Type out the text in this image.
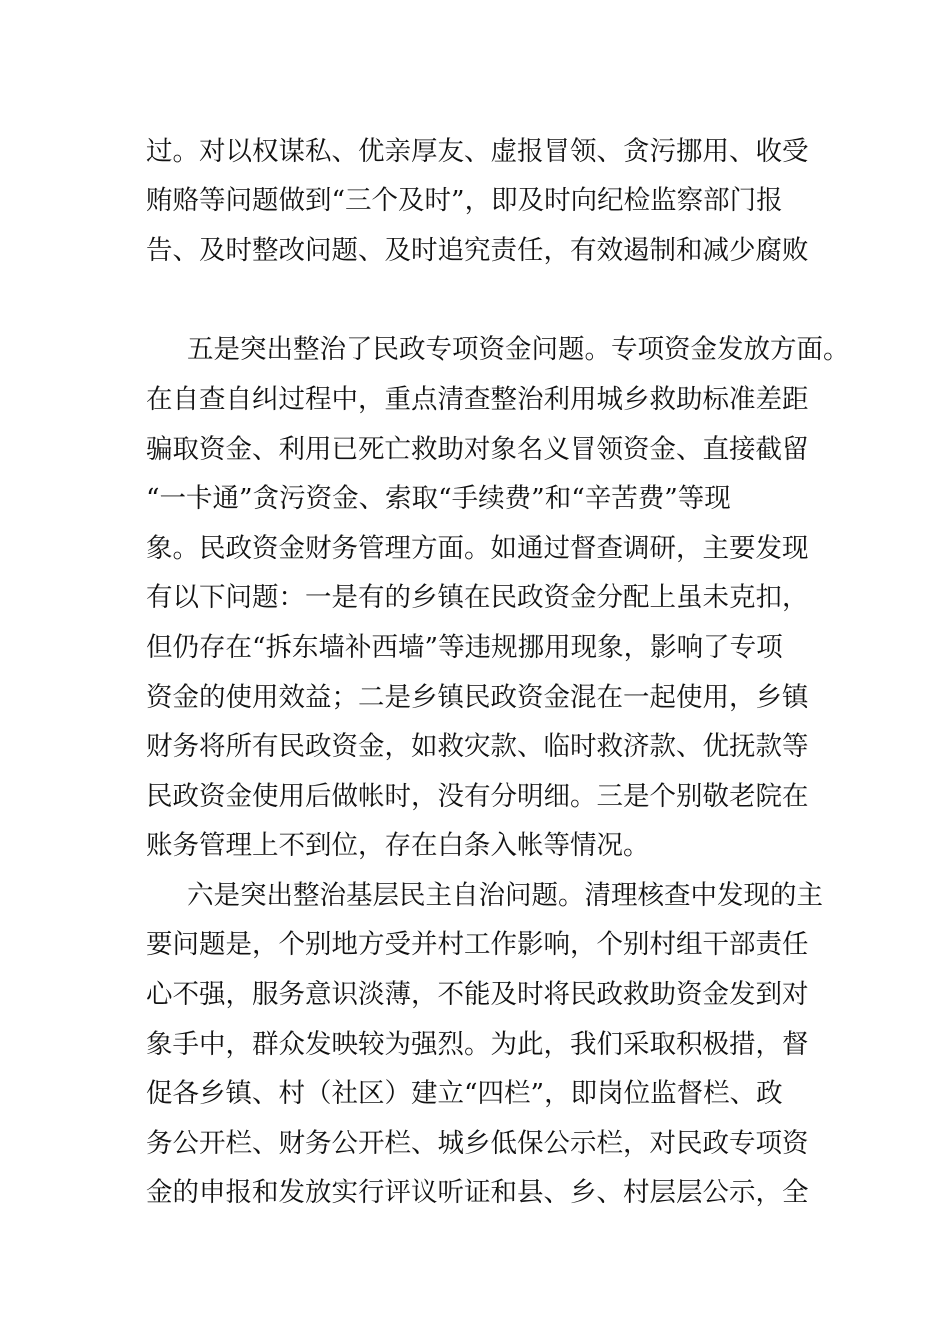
过。对以权谋私、优亲厚友、虚报冒领、贪污挪用、收受
贿赂等问题做到“三个及时”，即及时向纪检监察部门报
告、及时整改问题、及时追究责任，有效遏制和减少腐败
五是突出整治了民政专项资金问题。专项资金发放方面。
在自查自纠过程中，重点清查整治利用城乡救助标准差距
骗取资金、利用已死亡救助对象名义冒领资金、直接截留
“一卡通”贪污资金、索取“手续费”和“辛苦费”等现
象。民政资金财务管理方面。如通过督查调研，主要发现
有以下问题：一是有的乡镇在民政资金分配上虽未克扣，
但仍存在“拆东墙补西墙”等违规挪用现象，影响了专项
资金的使用效益；二是乡镇民政资金混在一起使用，乡镇
财务将所有民政资金，如救灾款、临时救济款、优抚款等
民政资金使用后做帐时，没有分明细。三是个别敬老院在
账务管理上不到位，存在白条入帐等情况。
六是突出整治基层民主自治问题。清理核查中发现的主
要问题是，个别地方受并村工作影响，个别村组干部责任
心不强，服务意识淡薄，不能及时将民政救助资金发到对
象手中，群众发映较为强烈。为此，我们采取积极措，督
促各乡镇、村（社区）建立“四栏”，即岗位监督栏、政
务公开栏、财务公开栏、城乡低保公示栏，对民政专项资
金的申报和发放实行评议听证和县、乡、村层层公示，全
